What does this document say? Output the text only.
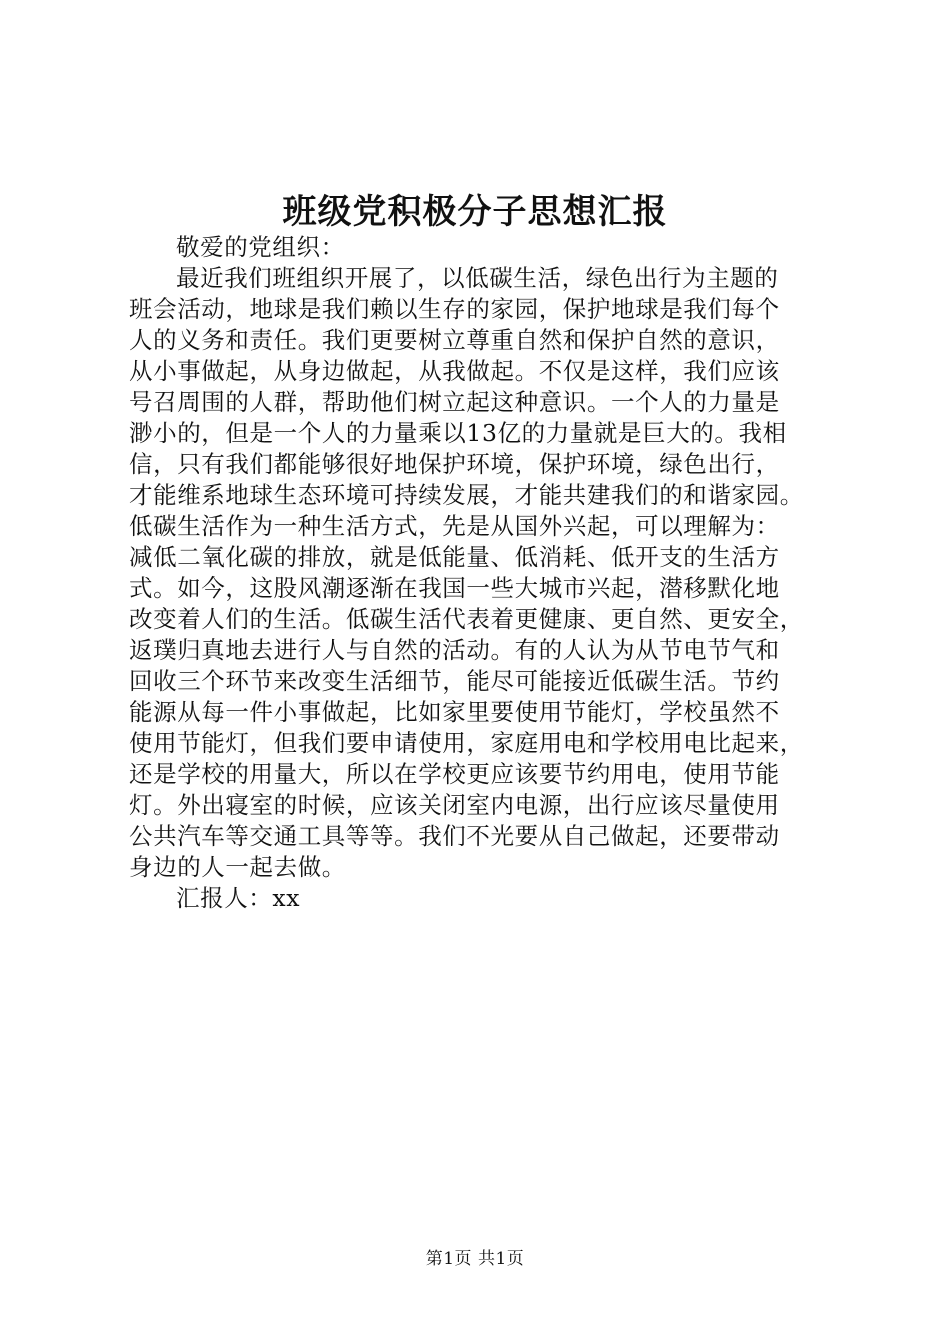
班级党积极分子思想汇报
敬爱的党组织：
最近我们班组织开展了，以低碳生活，绿色出行为主题的
班会活动，地球是我们赖以生存的家园，保护地球是我们每个
人的义务和责任。我们更要树立尊重自然和保护自然的意识，
从小事做起，从身边做起，从我做起。不仅是这样，我们应该
号召周围的人群，帮助他们树立起这种意识。一个人的力量是
渺小的，但是一个人的力量乘以13亿的力量就是巨大的。我相
信，只有我们都能够很好地保护环境，保护环境，绿色出行，
才能维系地球生态环境可持续发展，才能共建我们的和谐家园。
低碳生活作为一种生活方式，先是从国外兴起，可以理解为：
减低二氧化碳的排放，就是低能量、低消耗、低开支的生活方
式。如今，这股风潮逐渐在我国一些大城市兴起，潜移默化地
改变着人们的生活。低碳生活代表着更健康、更自然、更安全，
返璞归真地去进行人与自然的活动。有的人认为从节电节气和
回收三个环节来改变生活细节，能尽可能接近低碳生活。节约
能源从每一件小事做起，比如家里要使用节能灯，学校虽然不
使用节能灯，但我们要申请使用，家庭用电和学校用电比起来，
还是学校的用量大，所以在学校更应该要节约用电，使用节能
灯。外出寝室的时候，应该关闭室内电源，出行应该尽量使用
公共汽车等交通工具等等。我们不光要从自己做起，还要带动
身边的人一起去做。
汇报人：xx
第1页 共1页
